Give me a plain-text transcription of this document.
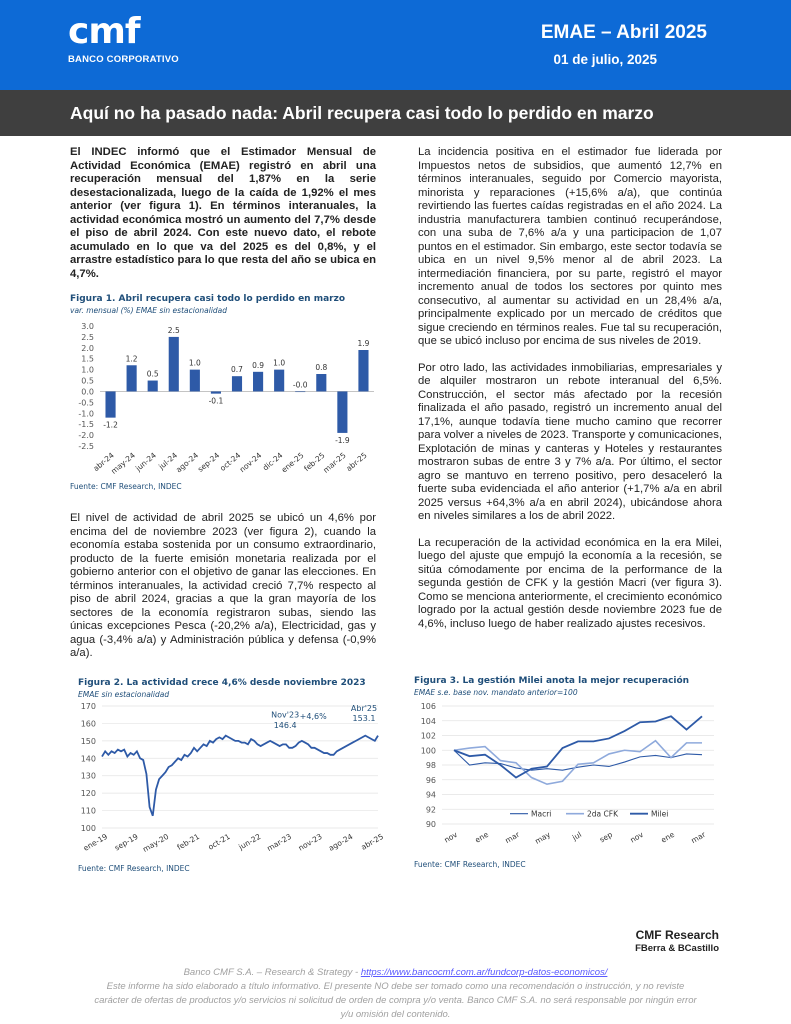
cmf
BANCO CORPORATIVO
EMAE – Abril 2025
01 de julio, 2025
Aquí no ha pasado nada: Abril recupera casi todo lo perdido en marzo

El INDEC informó que el Estimador Mensual de Actividad Económica (EMAE) registró en abril una recuperación mensual del 1,87% en la serie desestacionalizada, luego de la caída de 1,92% el mes anterior (ver figura 1). En términos interanuales, la actividad económica mostró un aumento del 7,7% desde el piso de abril 2024. Con este nuevo dato, el rebote acumulado en lo que va del 2025 es del 0,8%, y el arrastre estadístico para lo que resta del año se ubica en 4,7%.

Figura 1. Abril recupera casi todo lo perdido en marzo
var. mensual (%) EMAE sin estacionalidad
3.0
2.5
2.0
1.5
1.0
0.5
0.0
-0.5
-1.0
-1.5
-2.0
-2.5
-1.2
abr-24
1.2
may-24
0.5
jun-24
2.5
jul-24
1.0
ago-24
-0.1
sep-24
0.7
oct-24
0.9
nov-24
1.0
dic-24
-0.0
ene-25
0.8
feb-25
-1.9
mar-25
1.9
abr-25
Fuente: CMF Research, INDEC

El nivel de actividad de abril 2025 se ubicó un 4,6% por encima del de noviembre 2023 (ver figura 2), cuando la economía estaba sostenida por un consumo extraordinario, producto de la fuerte emisión monetaria realizada por el gobierno anterior con el objetivo de ganar las elecciones. En términos interanuales, la actividad creció 7,7% respecto al piso de abril 2024, gracias a que la gran mayoría de los sectores de la economía registraron subas, siendo las únicas excepciones Pesca (-20,2% a/a), Electricidad, gas y agua (-3,4% a/a) y Administración pública y defensa (-0,9% a/a).

Figura 2. La actividad crece 4,6% desde noviembre 2023
EMAE sin estacionalidad
100
110
120
130
140
150
160
170
ene-19 sep-19 may-20 feb-21 oct-21 jun-22 mar-23 nov-23 ago-24 abr-25
Nov'23
146.4
+4,6%
Abr'25
153.1
Fuente: CMF Research, INDEC

La incidencia positiva en el estimador fue liderada por Impuestos netos de subsidios, que aumentó 12,7% en términos interanuales, seguido por Comercio mayorista, minorista y reparaciones (+15,6% a/a), que continúa revirtiendo las fuertes caídas registradas en el año 2024. La industria manufacturera tambien continuó recuperándose, con una suba de 7,6% a/a y una participacion de 1,07 puntos en el estimador. Sin embargo, este sector todavía se ubica en un nivel 9,5% menor al de abril 2023. La intermediación financiera, por su parte, registró el mayor incremento anual de todos los sectores por quinto mes consecutivo, al aumentar su actividad en un 28,4% a/a, principalmente explicado por un mercado de créditos que sigue creciendo en términos reales. Fue tal su recuperación, que se ubicó incluso por encima de sus niveles de 2019.

Por otro lado, las actividades inmobiliarias, empresariales y de alquiler mostraron un rebote interanual del 6,5%. Construcción, el sector más afectado por la recesión finalizada el año pasado, registró un incremento anual del 17,1%, aunque todavía tiene mucho camino que recorrer para volver a niveles de 2023. Transporte y comunicaciones, Explotación de minas y canteras y Hoteles y restaurantes mostraron subas de entre 3 y 7% a/a. Por último, el sector agro se mantuvo en terreno positivo, pero desaceleró la fuerte suba evidenciada el año anterior (+1,7% a/a en abril 2025 versus +64,3% a/a en abril 2024), ubicándose ahora en niveles similares a los de abril 2022.

La recuperación de la actividad económica en la era Milei, luego del ajuste que empujó la economía a la recesión, se sitúa cómodamente por encima de la performance de la segunda gestión de CFK y la gestión Macri (ver figura 3). Como se menciona anteriormente, el crecimiento económico logrado por la actual gestión desde noviembre 2023 fue de 4,6%, incluso luego de haber realizado ajustes recesivos.

Figura 3. La gestión Milei anota la mejor recuperación
EMAE s.e. base nov. mandato anterior=100
90
92
94
96
98
100
102
104
106
Macri	2da CFK	Milei
nov ene mar may	jul sep nov ene mar
Fuente: CMF Research, INDEC
CMF Research
FBerra & BCastillo
Banco CMF S.A. – Research & Strategy - https://www.bancocmf.com.ar/fundcorp-datos-economicos/
Este informe ha sido elaborado a título informativo. El presente NO debe ser tomado como una recomendación o instrucción, y no reviste carácter de ofertas de productos y/o servicios ni solicitud de orden de compra y/o venta. Banco CMF S.A. no será responsable por ningún error y/u omisión del contenido.
